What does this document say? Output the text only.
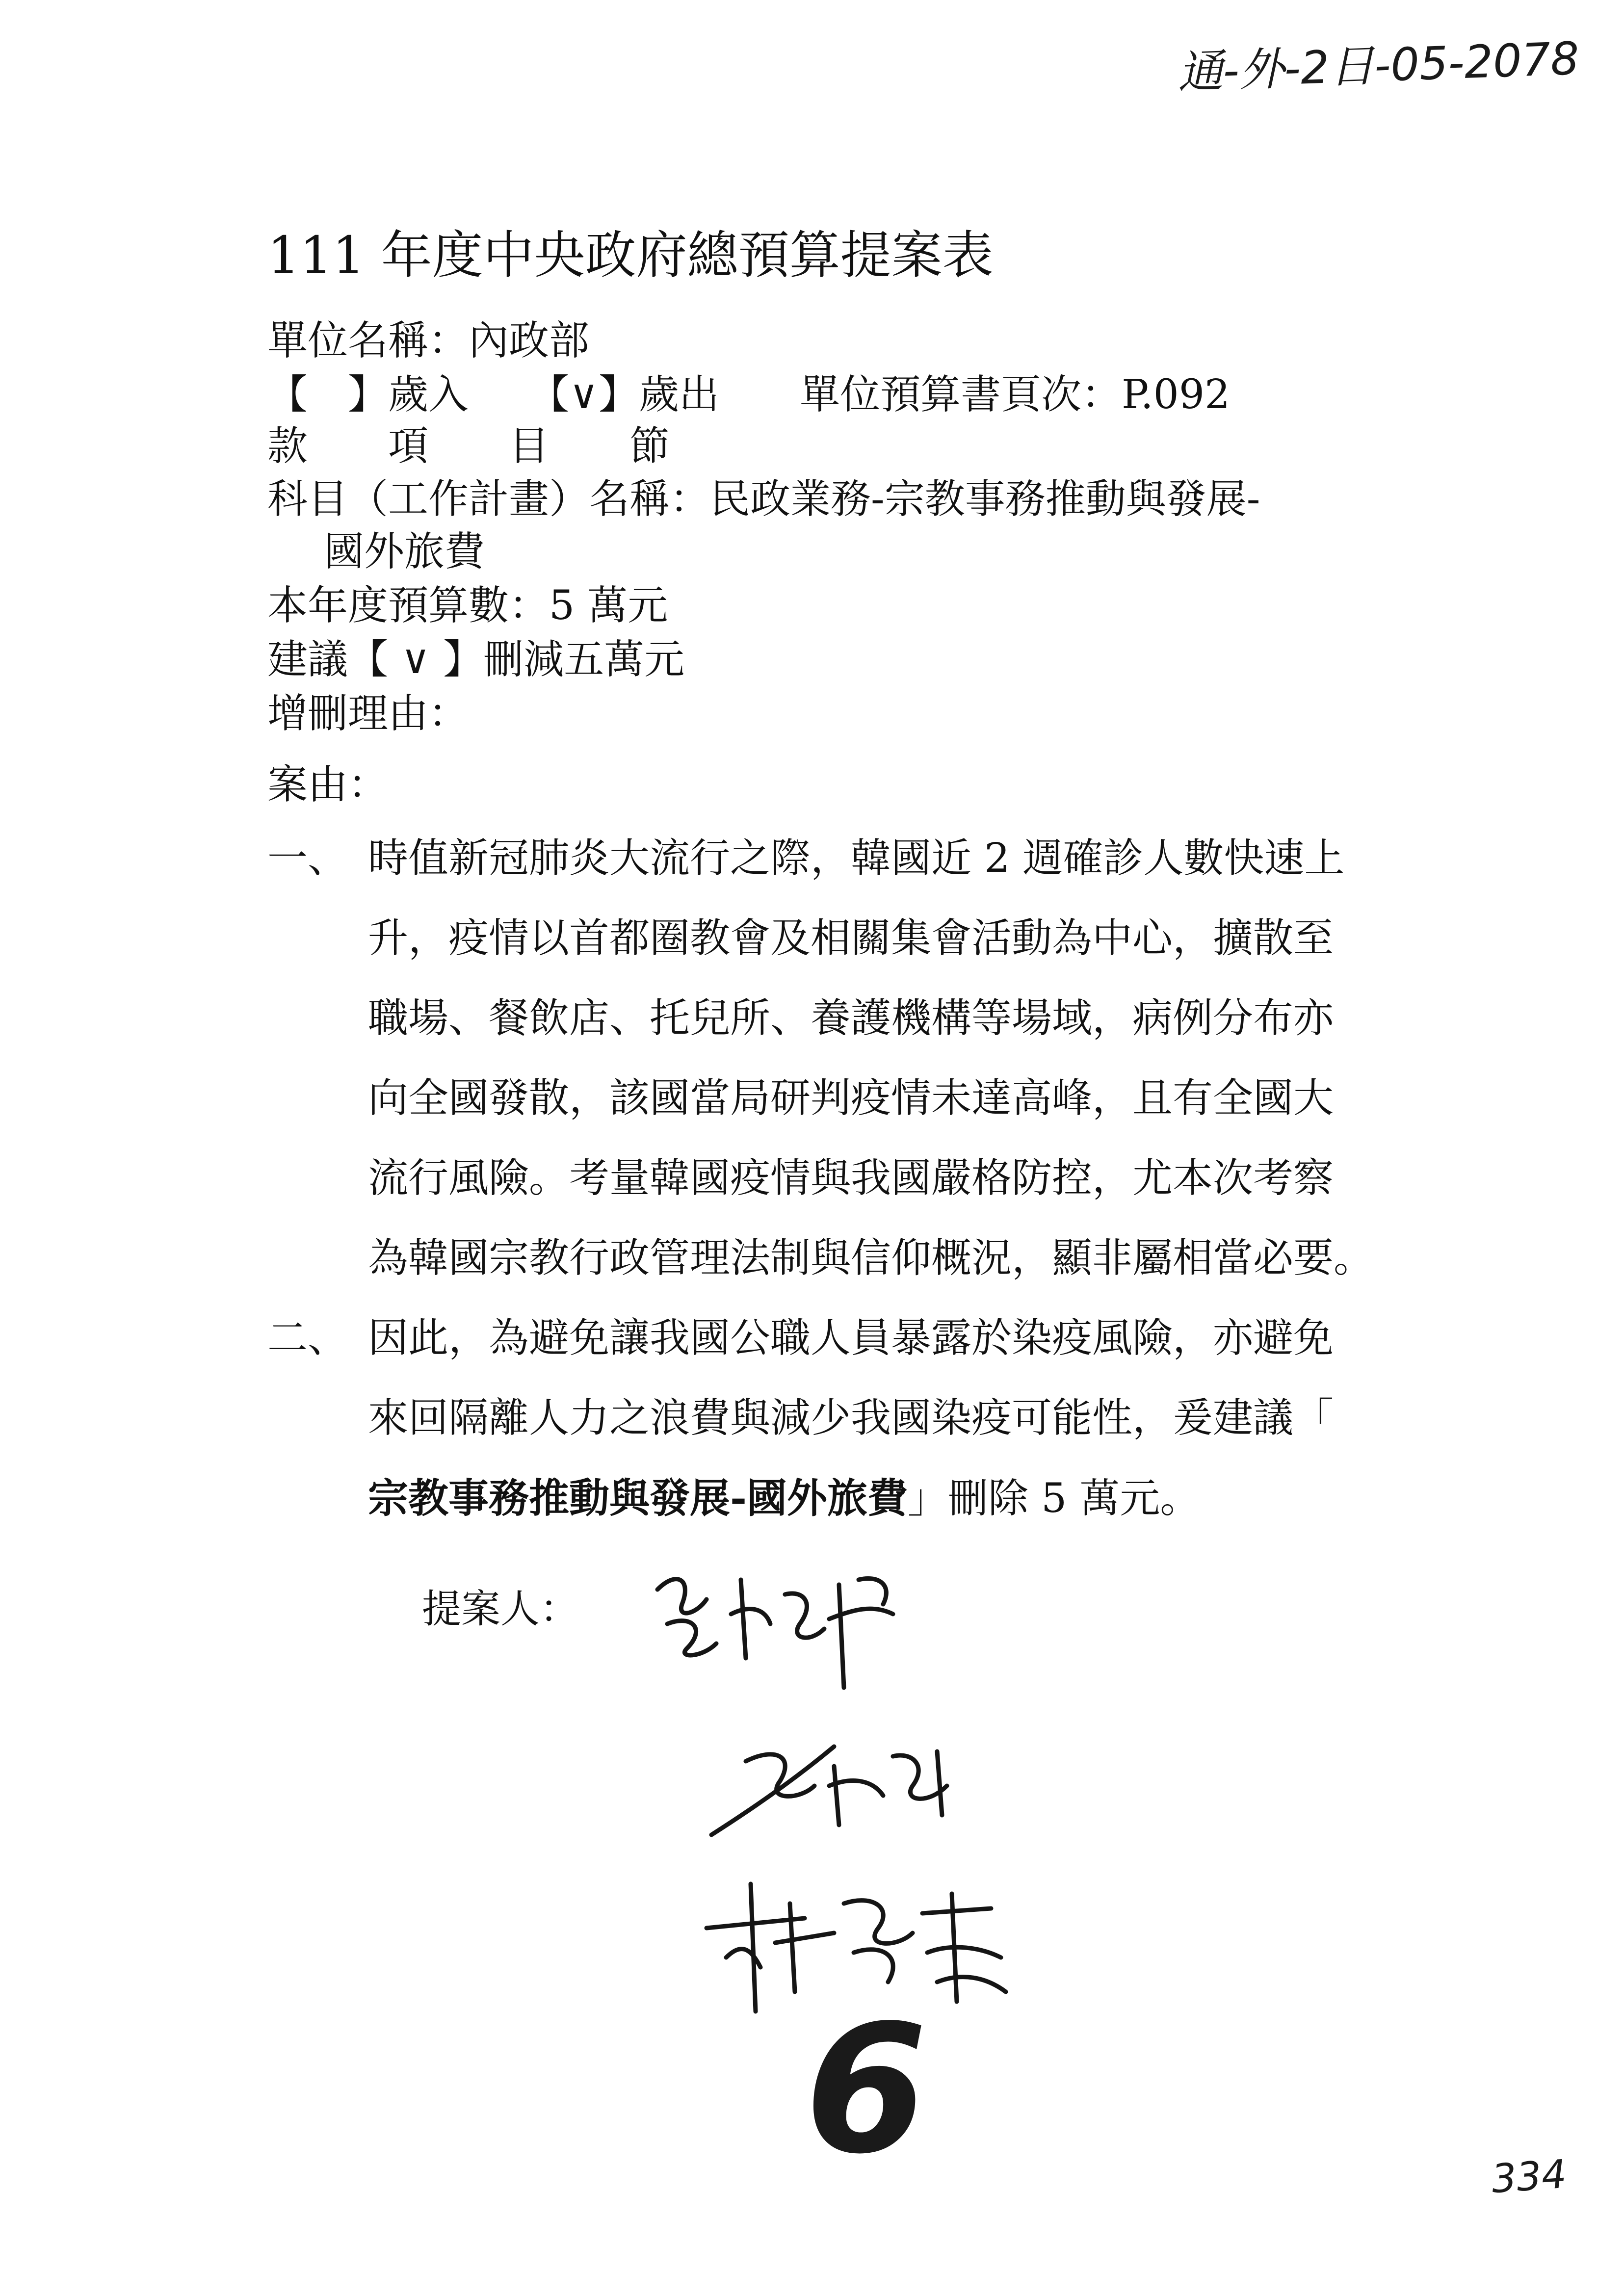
通-外-2日-05-2078
111 年度中央政府總預算提案表
單位名稱：內政部
【　】歲入　　【∨】歲出　　單位預算書頁次：P.092
款　　項　　目　　節
科目（工作計畫）名稱：民政業務-宗教事務推動與發展-
國外旅費
本年度預算數：5 萬元
建議【 ∨ 】刪減五萬元
增刪理由：
案由：
一、 時值新冠肺炎大流行之際，韓國近 2 週確診人數快速上
升，疫情以首都圈教會及相關集會活動為中心，擴散至
職場、餐飲店、托兒所、養護機構等場域，病例分布亦
向全國發散，該國當局研判疫情未達高峰，且有全國大
流行風險。考量韓國疫情與我國嚴格防控，尤本次考察
為韓國宗教行政管理法制與信仰概況，顯非屬相當必要。
二、 因此，為避免讓我國公職人員暴露於染疫風險，亦避免
來回隔離人力之浪費與減少我國染疫可能性，爰建議「
宗教事務推動與發展-國外旅費」刪除 5 萬元。
提案人：
6	334
